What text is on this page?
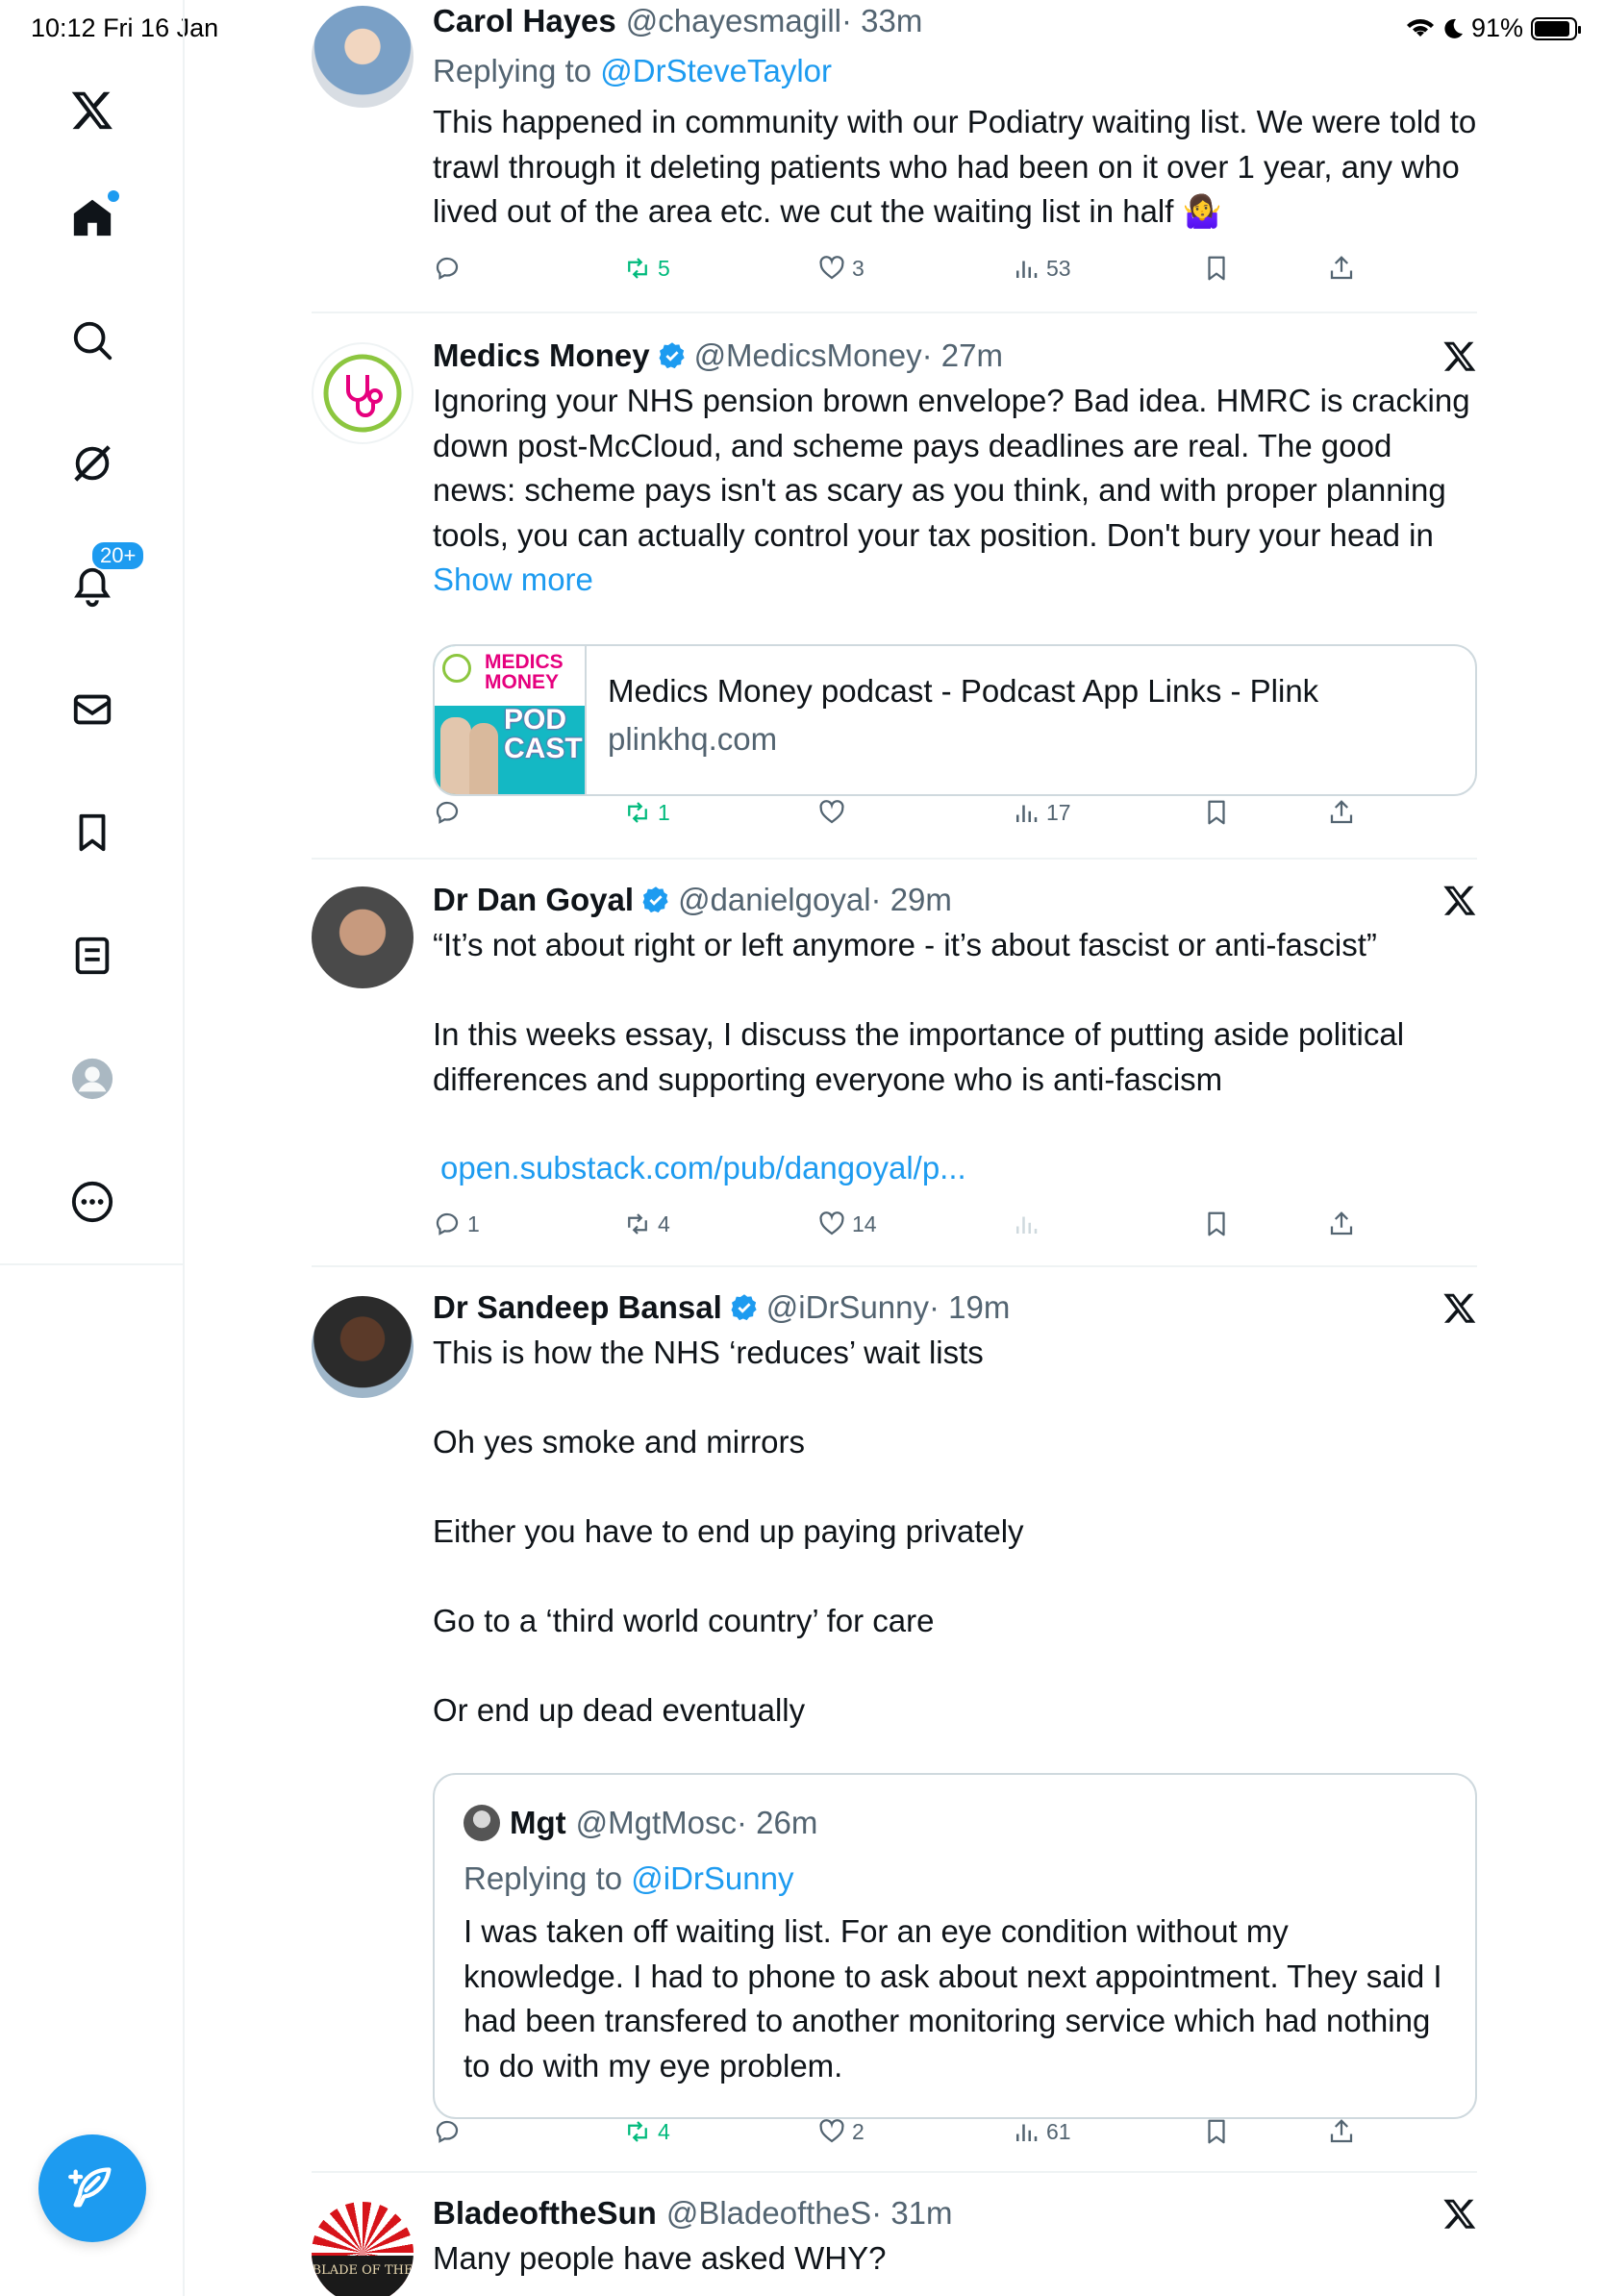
10:12 Fri 16 Jan	91%
20+
Carol Hayes @chayesmagill · 33m
Replying to @DrSteveTaylor
This happened in community with our Podiatry waiting list. We were told to trawl through it deleting patients who had been on it over 1 year, any who lived out of the area etc. we cut the waiting list in half 🤷‍♀️
5	3	53
Medics Money @MedicsMoney · 27m
Ignoring your NHS pension brown envelope? Bad idea. HMRC is cracking down post-McCloud, and scheme pays deadlines are real. The good news: scheme pays isn't as scary as you think, and with proper planning tools, you can actually control your tax position. Don't bury your head in Show more
MEDICS
MONEY
POD
CAST
Medics Money podcast - Podcast App Links - Plink
plinkhq.com
1	17
Dr Dan Goyal @danielgoyal · 29m
“It’s not about right or left anymore - it’s about fascist or anti-fascist”

In this weeks essay, I discuss the importance of putting aside political differences and supporting everyone who is anti-fascism
open.substack.com/pub/dangoyal/p...
1	4	14
Dr Sandeep Bansal @iDrSunny · 19m
This is how the NHS ‘reduces’ wait lists

Oh yes smoke and mirrors

Either you have to end up paying privately

Go to a ‘third world country’ for care

Or end up dead eventually
Mgt @MgtMosc · 26m
Replying to @iDrSunny
I was taken off waiting list. For an eye condition without my knowledge. I had to phone to ask about next appointment. They said I had been transfered to another monitoring service which had nothing to do with my eye problem.
4	2	61
BLADE OF THE
BladeoftheSun @BladeoftheS · 31m
Many people have asked WHY?
